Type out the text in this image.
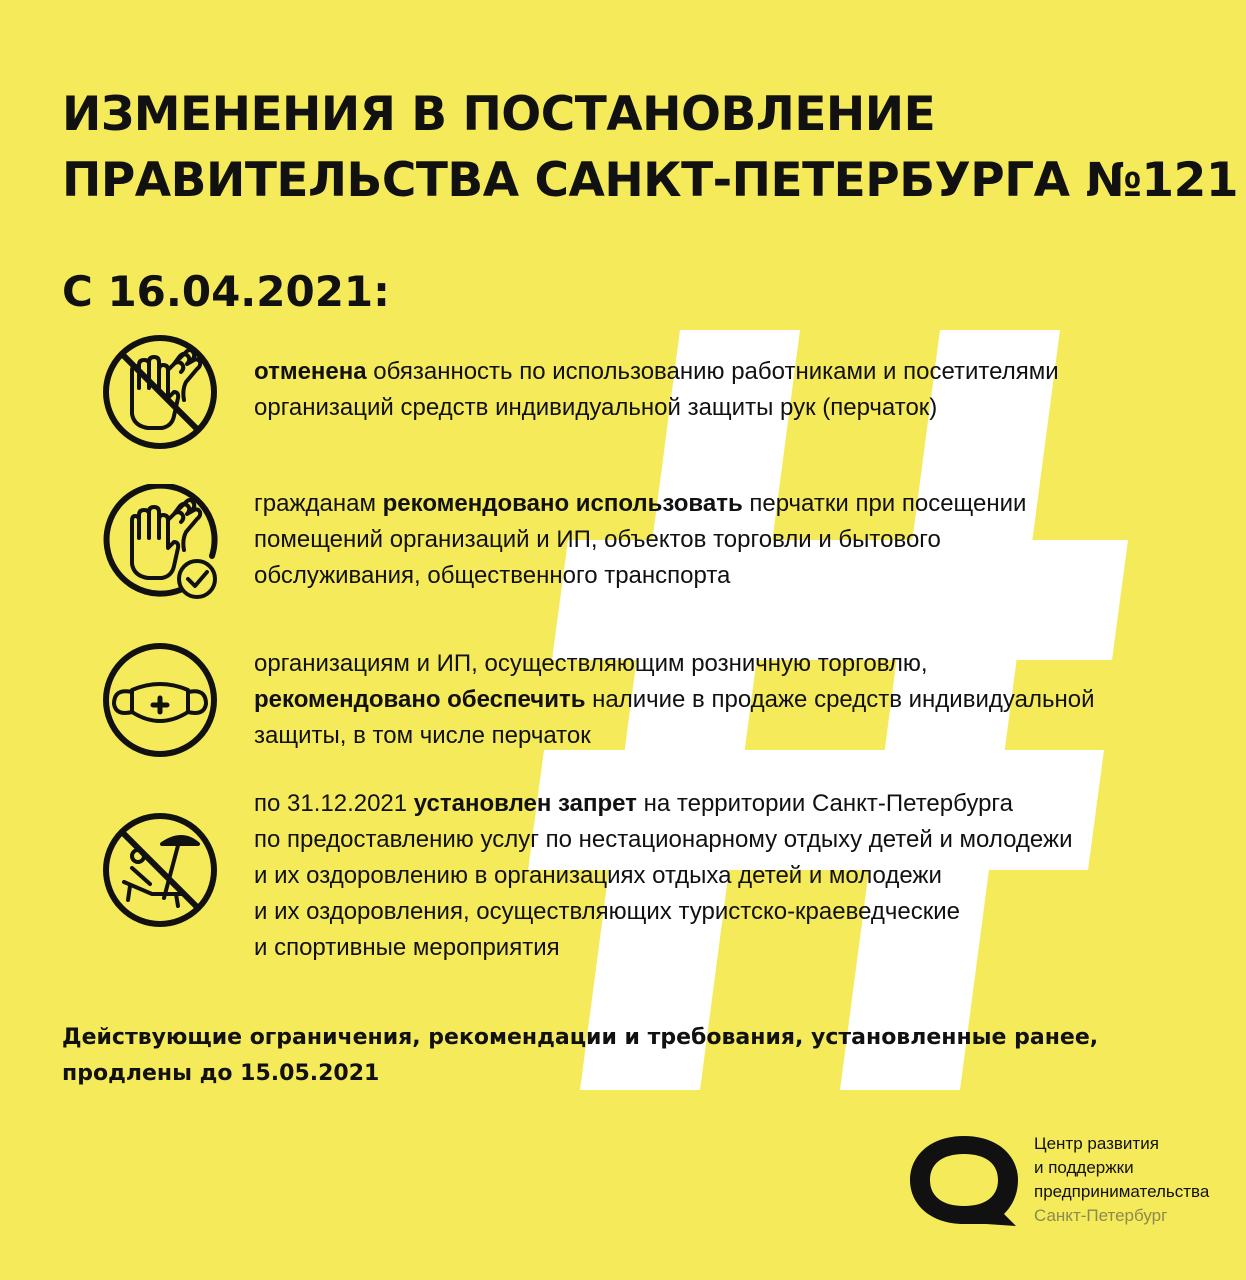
ИЗМЕНЕНИЯ В ПОСТАНОВЛЕНИЕ
ПРАВИТЕЛЬСТВА САНКТ-ПЕТЕРБУРГА №121
С 16.04.2021:
отменена обязанность по использованию работниками и посетителями
организаций средств индивидуальной защиты рук (перчаток)
гражданам рекомендовано использовать перчатки при посещении
помещений организаций и ИП, объектов торговли и бытового
обслуживания, общественного транспорта
организациям и ИП, осуществляющим розничную торговлю,
рекомендовано обеспечить наличие в продаже средств индивидуальной
защиты, в том числе перчаток
по 31.12.2021 установлен запрет на территории Санкт-Петербурга
по предоставлению услуг по нестационарному отдыху детей и молодежи
и их оздоровлению в организациях отдыха детей и молодежи
и их оздоровления, осуществляющих туристско-краеведческие
и спортивные мероприятия
Действующие ограничения, рекомендации и требования, установленные ранее,
продлены до 15.05.2021
Центр развития
и поддержки
предпринимательства
Санкт-Петербург
